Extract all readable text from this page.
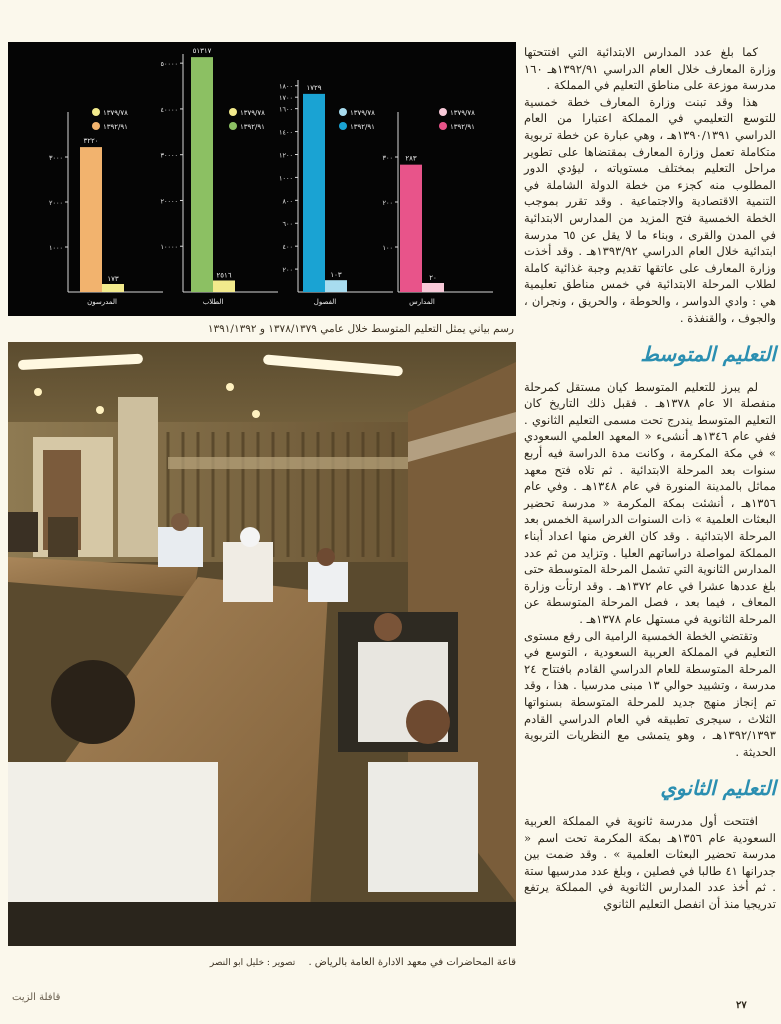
١٠٠٠
٢٠٠٠
٣٠٠٠
٣٢٢٠
١٧٣
١٣٧٩/٧٨
١٣٩٢/٩١
المدرسون
١٠٠٠٠
٢٠٠٠٠
٣٠٠٠٠
٤٠٠٠٠
٥٠٠٠٠
٥١٣١٧
٢٥١٦
١٣٧٩/٧٨
١٣٩٢/٩١
الطلاب
٢٠٠
٤٠٠
٦٠٠
٨٠٠
١٠٠٠
١٢٠٠
١٤٠٠
١٦٠٠
١٧٠٠
١٨٠٠ ١٧٢٩
١٠٣
١٣٧٩/٧٨
١٣٩٢/٩١
الفصول
١٠٠
٢٠٠
٣٠٠ ٢٨٣
٢٠
١٣٧٩/٧٨
١٣٩٢/٩١
المدارس
رسم بياني يمثل التعليم المتوسط خلال عامي ١٣٧٨/١٣٧٩ و ١٣٩١/١٣٩٢
قاعة المحاضرات في معهد الادارة العامة بالرياض . تصوير : خليل ابو النصر

كما بلغ عدد المدارس الابتدائية التي افتتحتها وزارة المعارف خلال العام الدراسي ١٣٩٢/٩١هـ ١٦٠ مدرسة موزعة على مناطق التعليم في المملكة .

هذا وقد تبنت وزارة المعارف خطة خمسية للتوسع التعليمي في المملكة اعتبارا من العام الدراسي ١٣٩٠/١٣٩١هـ ، وهي عبارة عن خطة تربوية متكاملة تعمل وزارة المعارف بمقتضاها على تطوير مراحل التعليم بمختلف مستوياته ، ليؤدي الدور المطلوب منه كجزء من خطة الدولة الشاملة في التنمية الاقتصادية والاجتماعية . وقد تقرر بموجب الخطة الخمسية فتح المزيد من المدارس الابتدائية في المدن والقرى ، وبناء ما لا يقل عن ٦٥ مدرسة ابتدائية خلال العام الدراسي ١٣٩٣/٩٢هـ . وقد أخذت وزارة المعارف على عاتقها تقديم وجبة غذائية كاملة لطلاب المرحلة الابتدائية في خمس مناطق تعليمية هي : وادي الدواسر ، والحوطة ، والحريق ، ونجران ، والجوف ، والقنفذة .

التعليم المتوسط

لم يبرز للتعليم المتوسط كيان مستقل كمرحلة منفصلة الا عام ١٣٧٨هـ . فقبل ذلك التاريخ كان التعليم المتوسط يندرج تحت مسمى التعليم الثانوي . ففي عام ١٣٤٦هـ أنشىء « المعهد العلمي السعودي » في مكة المكرمة ، وكانت مدة الدراسة فيه أربع سنوات بعد المرحلة الابتدائية . ثم تلاه فتح معهد مماثل بالمدينة المنورة في عام ١٣٤٨هـ . وفي عام ١٣٥٦هـ ، أنشئت بمكة المكرمة « مدرسة تحضير البعثات العلمية » ذات السنوات الدراسية الخمس بعد المرحلة الابتدائية . وقد كان الغرض منها اعداد أبناء المملكة لمواصلة دراساتهم العليا . وتزايد من ثم عدد المدارس الثانوية التي تشمل المرحلة المتوسطة حتى بلغ عددها عشرا في عام ١٣٧٢هـ . وقد ارتأت وزارة المعاف ، فيما بعد ، فصل المرحلة المتوسطة عن المرحلة الثانوية في مستهل عام ١٣٧٨هـ .

وتقتضي الخطة الخمسية الرامية الى رفع مستوى التعليم في المملكة العربية السعودية ، التوسع في المرحلة المتوسطة للعام الدراسي القادم بافتتاح ٢٤ مدرسة ، وتشييد حوالي ١٣ مبنى مدرسيا . هذا ، وقد تم إنجاز منهج جديد للمرحلة المتوسطة بسنواتها الثلاث ، سيجرى تطبيقه في العام الدراسي القادم ١٣٩٢/١٣٩٣هـ ، وهو يتمشى مع النظريات التربوية الحديثة .

التعليم الثانوي

افتتحت أول مدرسة ثانوية في المملكة العربية السعودية عام ١٣٥٦هـ بمكة المكرمة تحت اسم « مدرسة تحضير البعثات العلمية » . وقد ضمت بين جدرانها ٤١ طالبا في فصلين ، وبلغ عدد مدرسيها ستة . ثم أخذ عدد المدارس الثانوية في المملكة يرتفع تدريجيا منذ أن انفصل التعليم الثانوي

قافلة الزيت
٢٧
